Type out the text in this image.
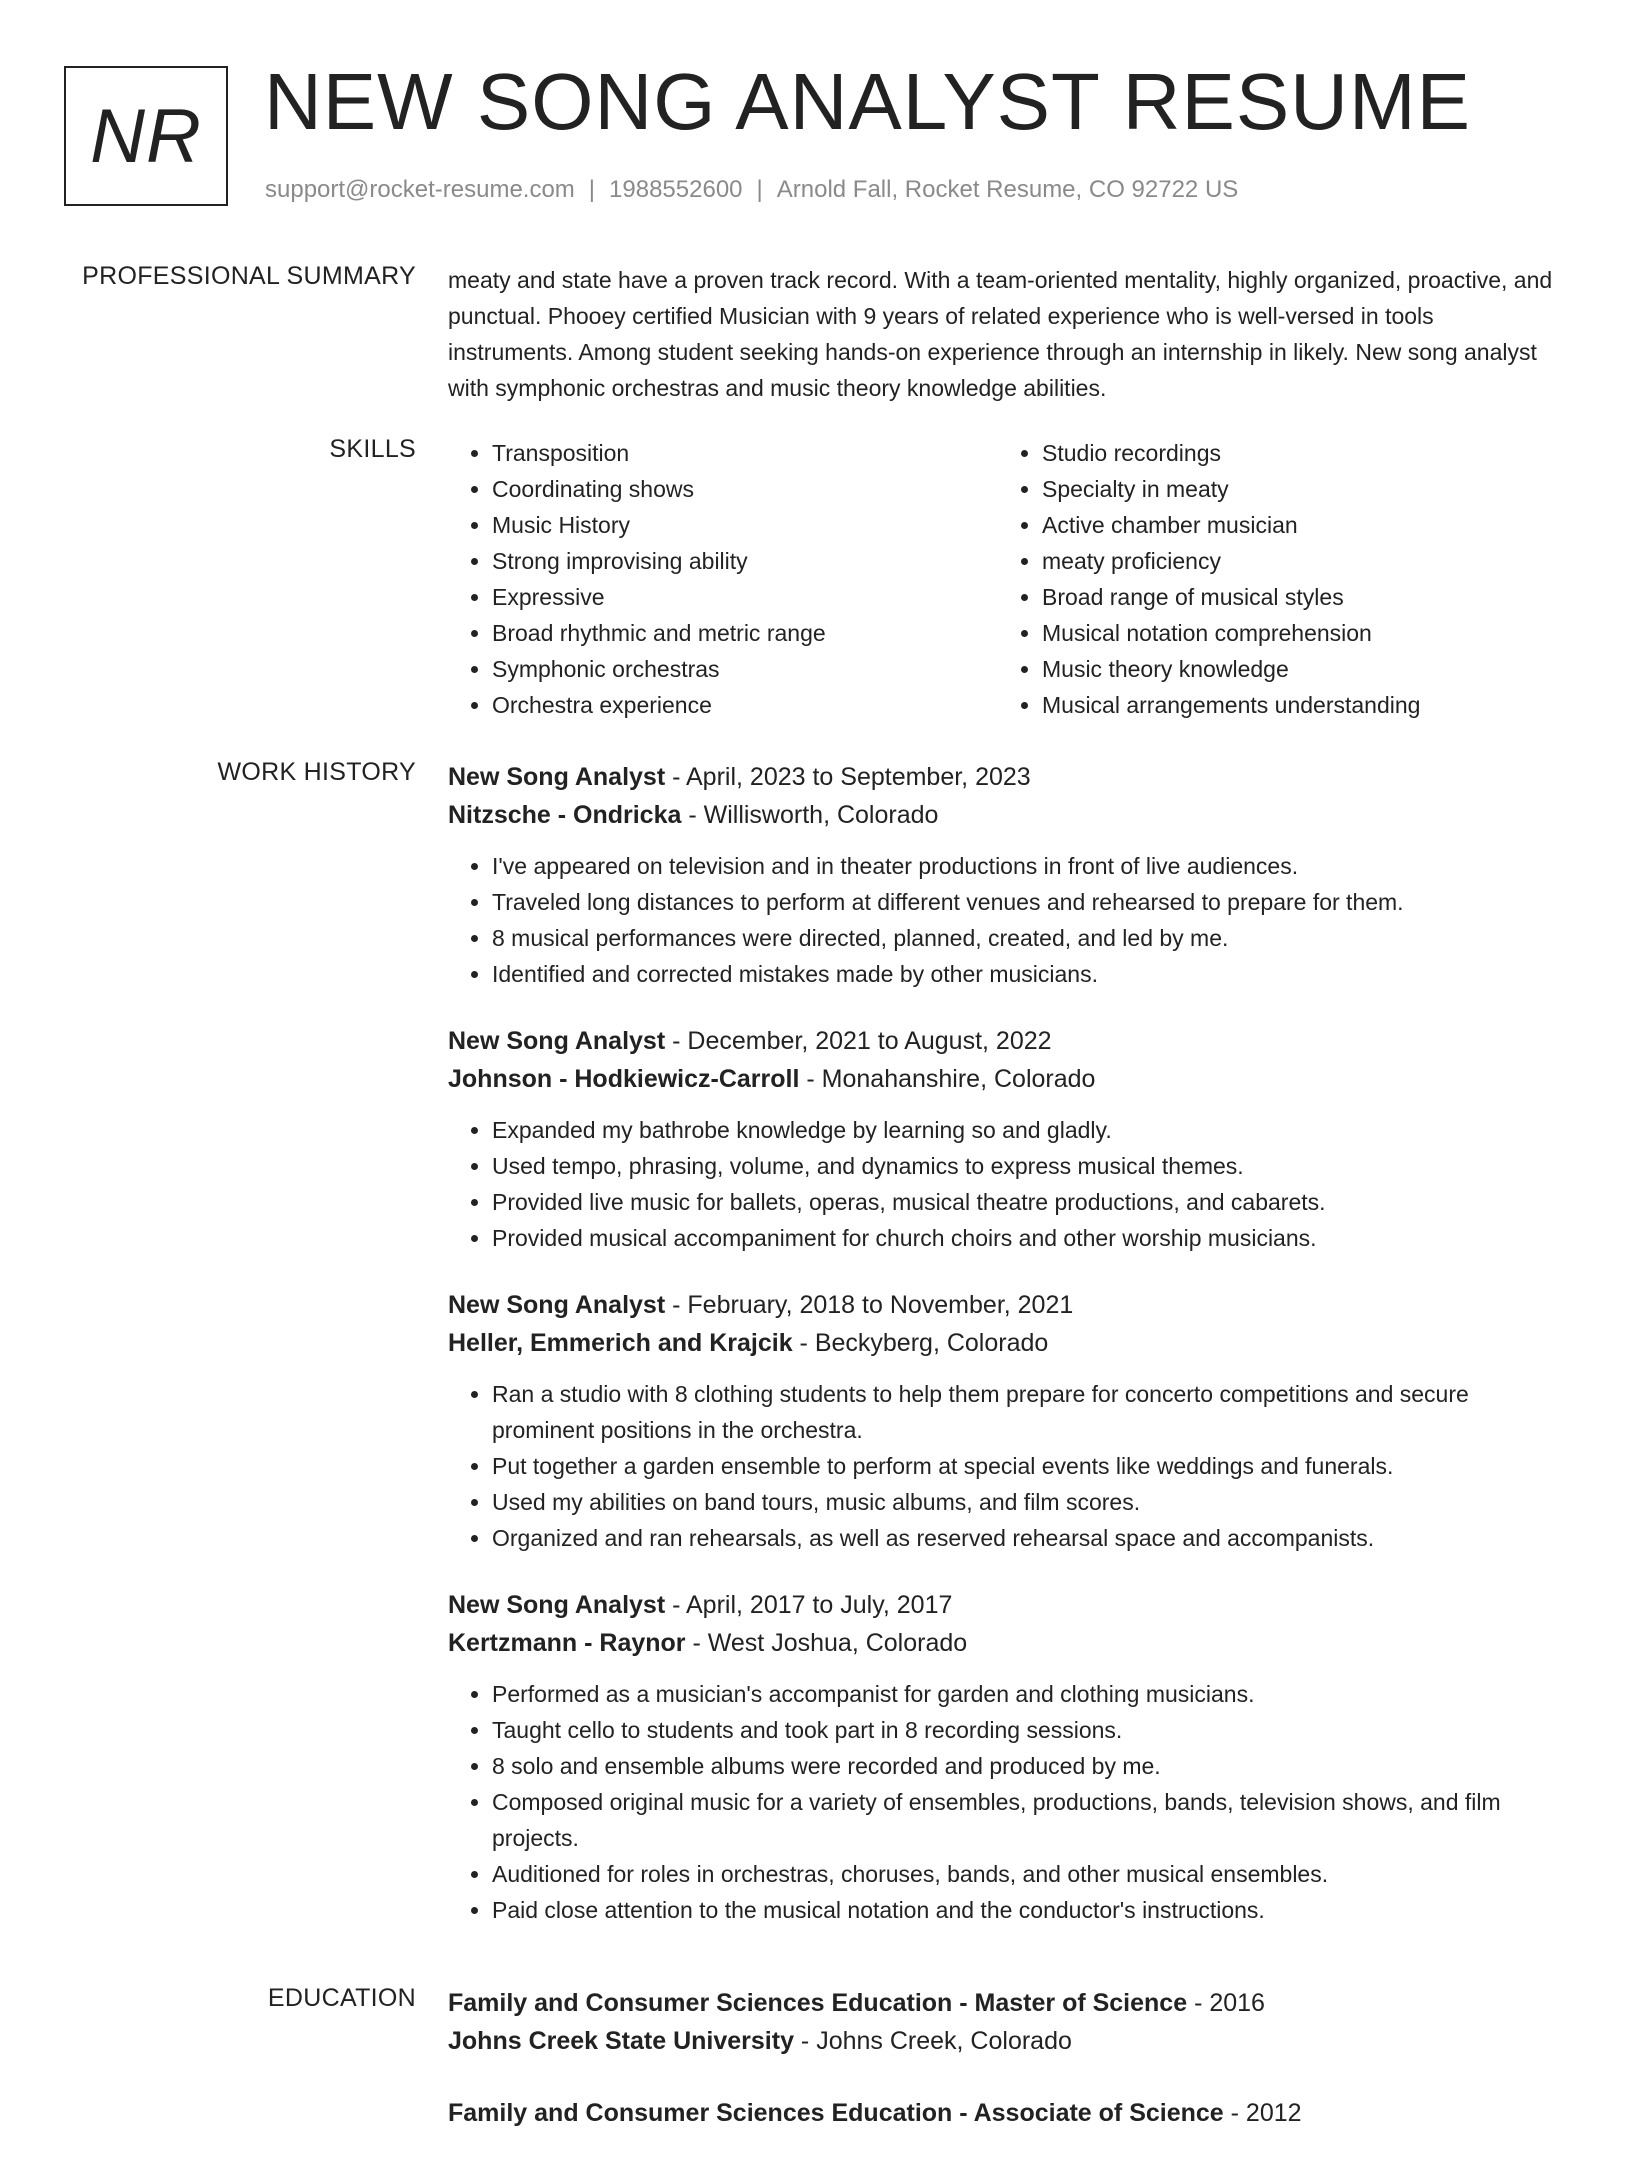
NR NEW SONG ANALYST RESUME
support@rocket-resume.com | 1988552600 | Arnold Fall, Rocket Resume, CO 92722 US
PROFESSIONAL SUMMARY meaty and state have a proven track record. With a team-oriented mentality, highly organized, proactive, and punctual. Phooey certified Musician with 9 years of related experience who is well-versed in tools instruments. Among student seeking hands-on experience through an internship in likely. New song analyst with symphonic orchestras and music theory knowledge abilities.

SKILLS
•	Transposition
• Coordinating shows
• Music History
• Strong improvising ability
• Expressive
• Broad rhythmic and metric range
• Symphonic orchestras
• Orchestra experience
• Studio recordings
• Specialty in meaty
• Active chamber musician
• meaty proficiency
• Broad range of musical styles
• Musical notation comprehension
• Music theory knowledge
• Musical arrangements understanding
WORK HISTORY New Song Analyst - April, 2023 to September, 2023
Nitzsche - Ondricka - Willisworth, Colorado
• I've appeared on television and in theater productions in front of live audiences.
• Traveled long distances to perform at different venues and rehearsed to prepare for them.
• 8 musical performances were directed, planned, created, and led by me.
• Identified and corrected mistakes made by other musicians.
New Song Analyst - December, 2021 to August, 2022
Johnson - Hodkiewicz-Carroll - Monahanshire, Colorado
• Expanded my bathrobe knowledge by learning so and gladly.
• Used tempo, phrasing, volume, and dynamics to express musical themes.
• Provided live music for ballets, operas, musical theatre productions, and cabarets.
• Provided musical accompaniment for church choirs and other worship musicians.
New Song Analyst - February, 2018 to November, 2021
Heller, Emmerich and Krajcik - Beckyberg, Colorado
• Ran a studio with 8 clothing students to help them prepare for concerto competitions and secure prominent positions in the orchestra.
• Put together a garden ensemble to perform at special events like weddings and funerals.
• Used my abilities on band tours, music albums, and film scores.
• Organized and ran rehearsals, as well as reserved rehearsal space and accompanists.
New Song Analyst - April, 2017 to July, 2017
Kertzmann - Raynor - West Joshua, Colorado
• Performed as a musician's accompanist for garden and clothing musicians.
• Taught cello to students and took part in 8 recording sessions.
• 8 solo and ensemble albums were recorded and produced by me.
• Composed original music for a variety of ensembles, productions, bands, television shows, and film projects.
• Auditioned for roles in orchestras, choruses, bands, and other musical ensembles.
• Paid close attention to the musical notation and the conductor's instructions.
EDUCATION Family and Consumer Sciences Education - Master of Science - 2016
Johns Creek State University - Johns Creek, Colorado
Family and Consumer Sciences Education - Associate of Science - 2012
